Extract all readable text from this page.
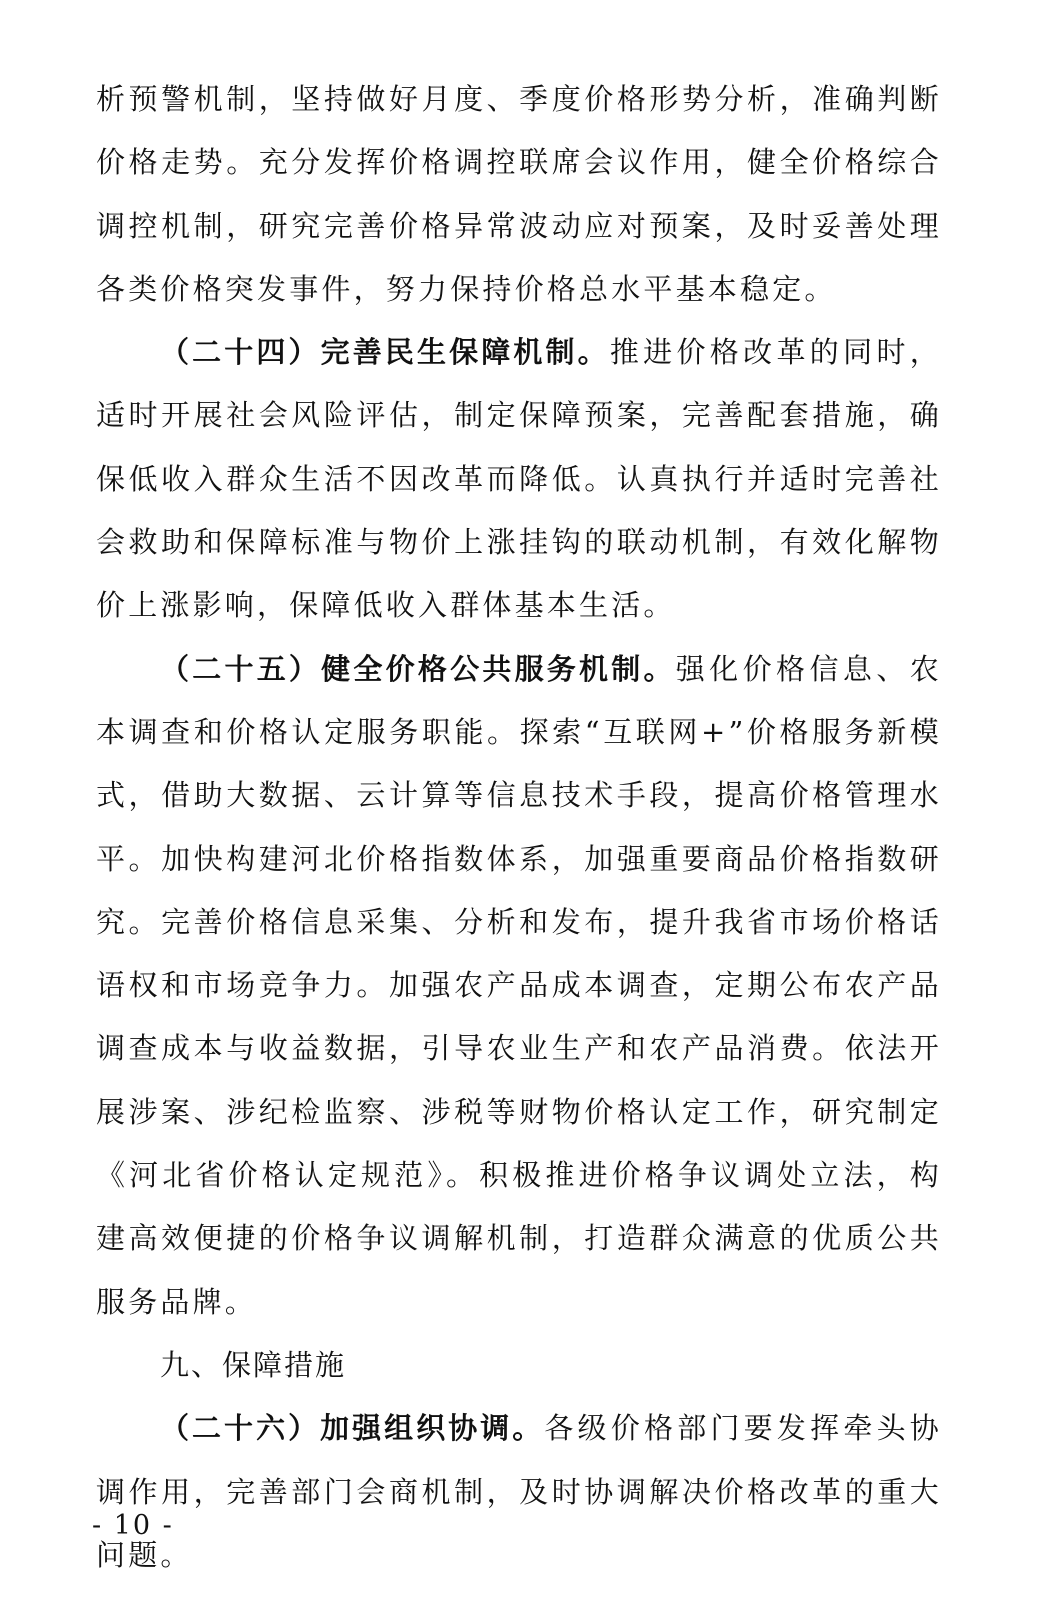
析预警机制，坚持做好月度、季度价格形势分析，准确判断价格走势。充分发挥价格调控联席会议作用，健全价格综合调控机制，研究完善价格异常波动应对预案，及时妥善处理各类价格突发事件，努力保持价格总水平基本稳定。

（二十四）完善民生保障机制。推进价格改革的同时，适时开展社会风险评估，制定保障预案，完善配套措施，确保低收入群众生活不因改革而降低。认真执行并适时完善社会救助和保障标准与物价上涨挂钩的联动机制，有效化解物价上涨影响，保障低收入群体基本生活。

（二十五）健全价格公共服务机制。强化价格信息、农本调查和价格认定服务职能。探索“互联网+”价格服务新模式，借助大数据、云计算等信息技术手段，提高价格管理水平。加快构建河北价格指数体系，加强重要商品价格指数研究。完善价格信息采集、分析和发布，提升我省市场价格话语权和市场竞争力。加强农产品成本调查，定期公布农产品调查成本与收益数据，引导农业生产和农产品消费。依法开展涉案、涉纪检监察、涉税等财物价格认定工作，研究制定《河北省价格认定规范》。积极推进价格争议调处立法，构建高效便捷的价格争议调解机制，打造群众满意的优质公共服务品牌。

九、保障措施

（二十六）加强组织协调。各级价格部门要发挥牵头协调作用，完善部门会商机制，及时协调解决价格改革的重大问题。

- 10 -
